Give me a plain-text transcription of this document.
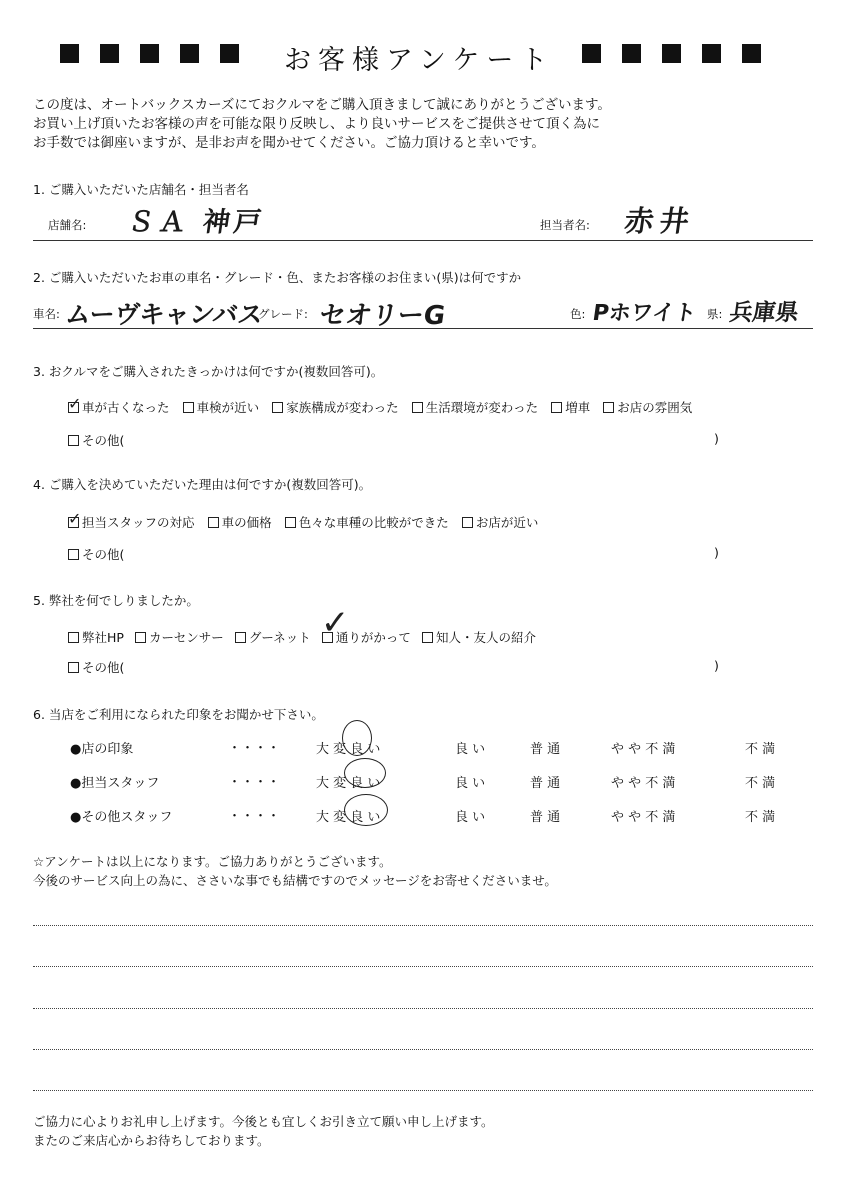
お客様アンケート
この度は、オートバックスカーズにておクルマをご購入頂きまして誠にありがとうございます。
お買い上げ頂いたお客様の声を可能な限り反映し、より良いサービスをご提供させて頂く為に
お手数では御座いますが、是非お声を聞かせてください。ご協力頂けると幸いです。
1. ご購入いただいた店舗名・担当者名
店舗名: ＳＡ 神戸	担当者名: 赤井
2. ご購入いただいたお車の車名・グレード・色、またお客様のお住まい(県)は何ですか
車名: ムーヴキャンバス
グレード: セオリーG	色: Pホワイト 県: 兵庫県
3. おクルマをご購入されたきっかけは何ですか(複数回答可)。
✓ 車が古くなった 車検が近い 家族構成が変わった 生活環境が変わった 増車 お店の雰囲気
その他(	)
4. ご購入を決めていただいた理由は何ですか(複数回答可)。
✓ 担当スタッフの対応 車の価格 色々な車種の比較ができた お店が近い
その他(	)
5. 弊社を何でしりましたか。
弊社HP カーセンサー グーネット ✓
通りがかって 知人・友人の紹介
その他(	)
6. 当店をご利用になられた印象をお聞かせ下さい。
●店の印象	・・・・	大 変 良 い	良 い	普 通	や や 不 満	不 満
●担当スタッフ	・・・・	大 変 良 い	良 い	普 通	や や 不 満	不 満
●その他スタッフ	・・・・	大 変 良 い	良 い	普 通	や や 不 満	不 満
☆アンケートは以上になります。ご協力ありがとうございます。
今後のサービス向上の為に、ささいな事でも結構ですのでメッセージをお寄せくださいませ。
ご協力に心よりお礼申し上げます。今後とも宜しくお引き立て願い申し上げます。
またのご来店心からお待ちしております。
